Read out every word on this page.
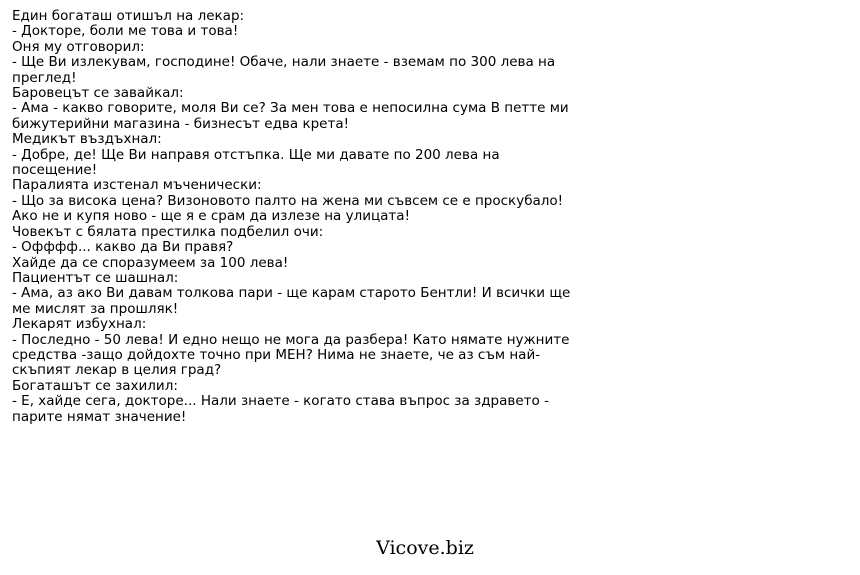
Един богаташ отишъл на лекар:
- Докторе, боли ме това и това!
Оня му отговорил:
- Ще Ви излекувам, господине! Обаче, нали знаете - вземам по 300 лева на преглед!
Баровецът се завайкал:
- Ама - какво говорите, моля Ви се? За мен това е непосилна сума В петте ми бижутерийни магазина - бизнесът едва крета!
Медикът въздъхнал:
- Добре, де! Ще Ви направя отстъпка. Ще ми давате по 200 лева на посещение!
Паралията изстенал мъченически:
- Що за висока цена? Визоновото палто на жена ми съвсем се е проскубало!
Ако не и купя ново - ще я е срам да излезе на улицата!
Човекът с бялата престилка подбелил очи:
- Офффф... какво да Ви правя?
Хайде да се споразумеем за 100 лева!
Пациентът се шашнал:
- Ама, аз ако Ви давам толкова пари - ще карам старото Бентли! И всички ще ме мислят за прошляк!
Лекарят избухнал:
- Последно - 50 лева! И едно нещо не мога да разбера! Като нямате нужните средства -защо дойдохте точно при МЕН? Нима не знаете, че аз съм най-скъпият лекар в целия град?
Богаташът се захилил:
- Е, хайде сега, докторе... Нали знаете - когато става въпрос за здравето - парите нямат значение!
Vicove.biz
